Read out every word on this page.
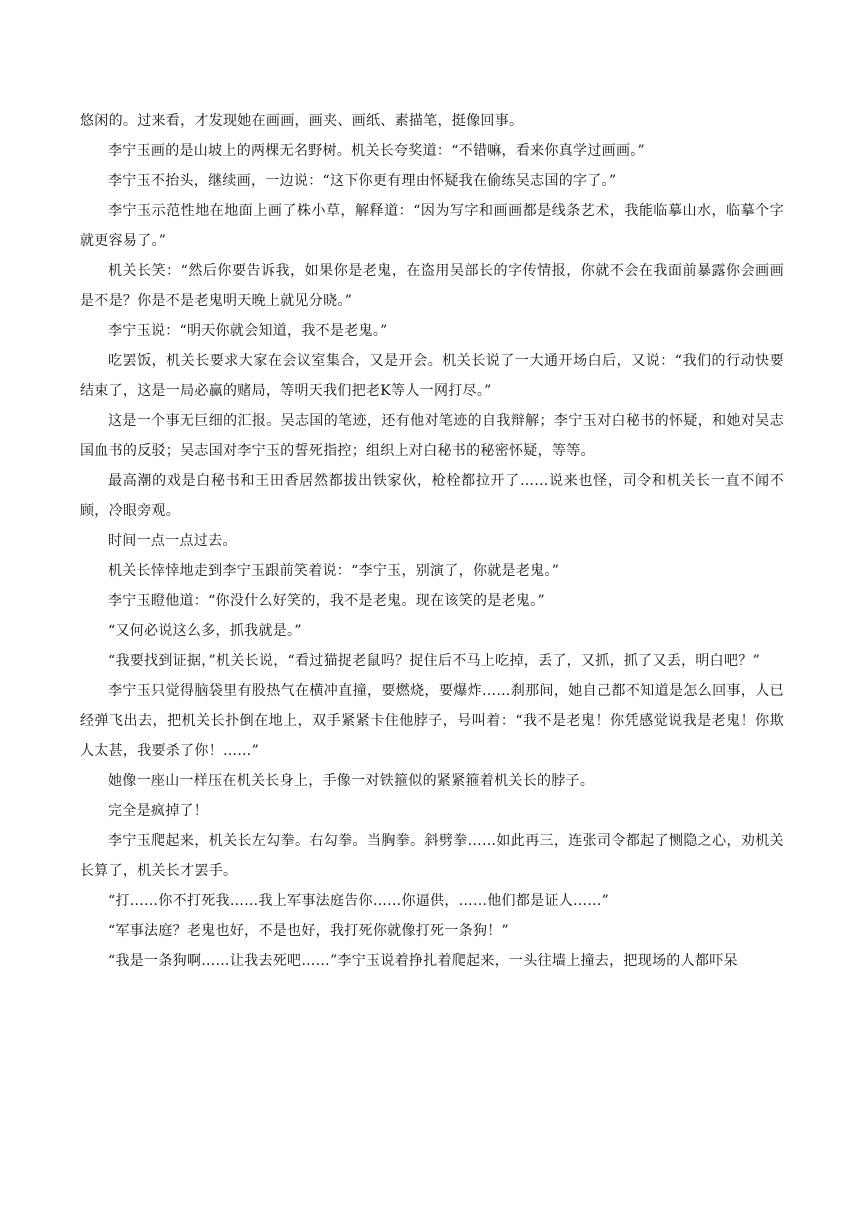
悠闲的。过来看，才发现她在画画，画夹、画纸、素描笔，挺像回事。

李宁玉画的是山坡上的两棵无名野树。机关长夸奖道：“不错嘛，看来你真学过画画。”

李宁玉不抬头，继续画，一边说：“这下你更有理由怀疑我在偷练吴志国的字了。”

李宁玉示范性地在地面上画了株小草，解释道：“因为写字和画画都是线条艺术，我能临摹山水，临摹个字就更容易了。”

机关长笑：“然后你要告诉我，如果你是老鬼，在盗用吴部长的字传情报，你就不会在我面前暴露你会画画是不是？你是不是老鬼明天晚上就见分晓。”

李宁玉说：“明天你就会知道，我不是老鬼。”

吃罢饭，机关长要求大家在会议室集合，又是开会。机关长说了一大通开场白后，又说：“我们的行动快要结束了，这是一局必赢的赌局，等明天我们把老K等人一网打尽。”

这是一个事无巨细的汇报。吴志国的笔迹，还有他对笔迹的自我辩解；李宁玉对白秘书的怀疑，和她对吴志国血书的反驳；吴志国对李宁玉的誓死指控；组织上对白秘书的秘密怀疑，等等。

最高潮的戏是白秘书和王田香居然都拔出铁家伙，枪栓都拉开了……说来也怪，司令和机关长一直不闻不顾，冷眼旁观。

时间一点一点过去。

机关长悻悻地走到李宁玉跟前笑着说：“李宁玉，别演了，你就是老鬼。”

李宁玉瞪他道：“你没什么好笑的，我不是老鬼。现在该笑的是老鬼。”

“又何必说这么多，抓我就是。”

“我要找到证据，”机关长说，“看过猫捉老鼠吗？捉住后不马上吃掉，丢了，又抓，抓了又丢，明白吧？”

李宁玉只觉得脑袋里有股热气在横冲直撞，要燃烧，要爆炸……刹那间，她自己都不知道是怎么回事，人已经弹飞出去，把机关长扑倒在地上，双手紧紧卡住他脖子，号叫着：“我不是老鬼！你凭感觉说我是老鬼！你欺人太甚，我要杀了你！……”

她像一座山一样压在机关长身上，手像一对铁箍似的紧紧箍着机关长的脖子。

完全是疯掉了！

李宁玉爬起来，机关长左勾拳。右勾拳。当胸拳。斜劈拳……如此再三，连张司令都起了恻隐之心，劝机关长算了，机关长才罢手。

“打……你不打死我……我上军事法庭告你……你逼供，……他们都是证人……”

“军事法庭？老鬼也好，不是也好，我打死你就像打死一条狗！”

“我是一条狗啊……让我去死吧……”李宁玉说着挣扎着爬起来，一头往墙上撞去，把现场的人都吓呆
